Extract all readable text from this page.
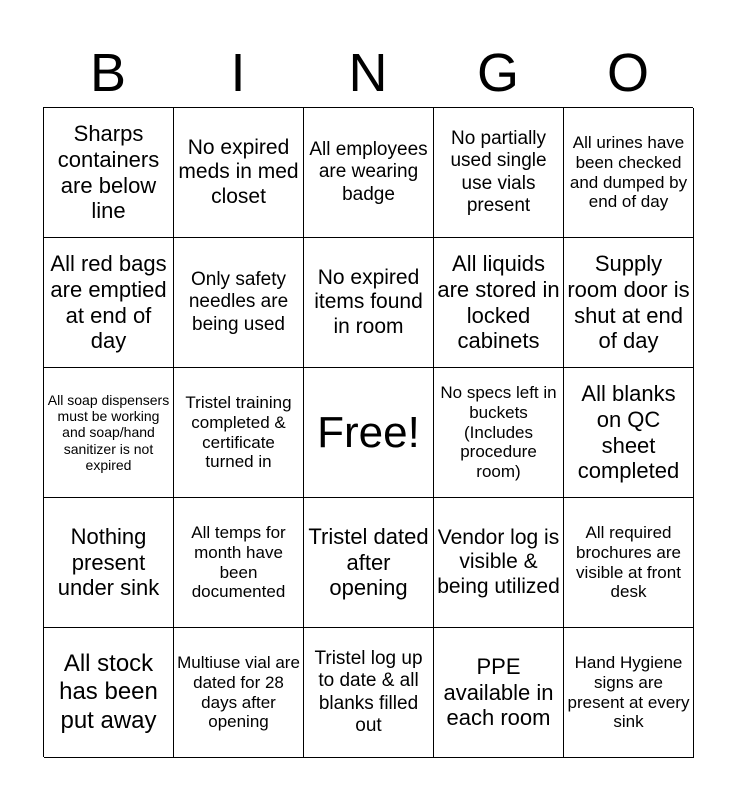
B	I	N	G	O
Sharps containers are below line
No expired meds in med closet
All employees are wearing badge
No partially used single use vials present
All urines have been checked and dumped by end of day
All red bags are emptied at end of day
Only safety needles are being used
No expired items found in room
All liquids are stored in locked cabinets
Supply room door is shut at end of day
All soap dispensers must be working and soap/hand sanitizer is not expired
Tristel training completed & certificate turned in
Free!
No specs left in buckets (Includes procedure room)
All blanks on QC sheet completed
Nothing present under sink
All temps for month have been documented
Tristel dated after opening
Vendor log is visible & being utilized
All required brochures are visible at front desk
All stock has been put away
Multiuse vial are dated for 28 days after opening
Tristel log up to date & all blanks filled out
PPE available in each room
Hand Hygiene signs are present at every sink
